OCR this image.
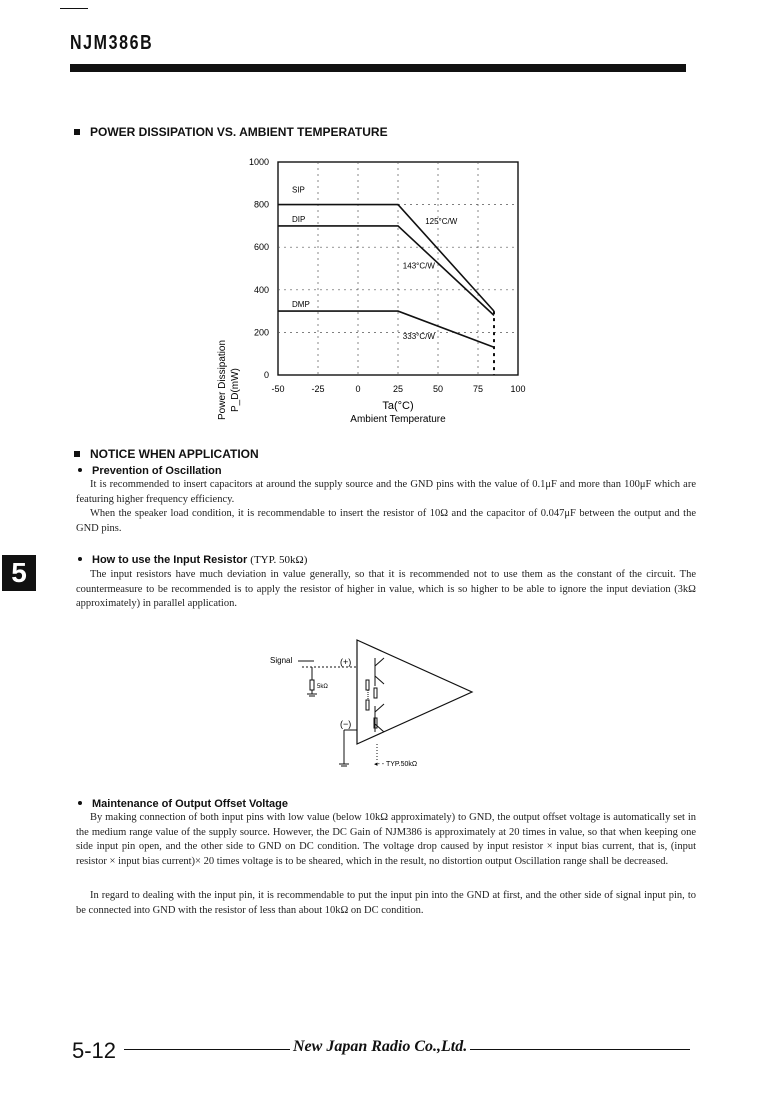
NJM386B
POWER DISSIPATION VS. AMBIENT TEMPERATURE
SIP
DIP
DMP
125°C/W
143°C/W
333°C/W
-50	-25	0	25	50	75	100
0
200
400
600
800
1000
Power Dissipation P_D(mW)	Ta(°C)
Ambient Temperature
NOTICE WHEN APPLICATION
Prevention of Oscillation
It is recommended to insert capacitors at around the supply source and the GND pins with the value of 0.1μF and more than 100μF which are featuring higher frequency efficiency.
When the speaker load condition, it is recommendable to insert the resistor of 10Ω and the capacitor of 0.047μF between the output and the GND pins.
5	How to use the Input Resistor (TYP. 50kΩ)
The input resistors have much deviation in value generally, so that it is recommended not to use them as the constant of the circuit. The countermeasure to be recommended is to apply the resistor of higher in value, which is so higher to be able to ignore the input deviation (3kΩ approximately) in parallel application.
Signal
5kΩ
(+)
(−)
◂- - TYP.50kΩ
Maintenance of Output Offset Voltage
By making connection of both input pins with low value (below 10kΩ approximately) to GND, the output offset voltage is automatically set in the medium range value of the supply source. However, the DC Gain of NJM386 is approximately at 20 times in value, so that when keeping one side input pin open, and the other side to GND on DC condition. The voltage drop caused by input resistor × input bias current, that is, (input resistor × input bias current)× 20 times voltage is to be sheared, which in the result, no distortion output Oscillation range shall be decreased.
In regard to dealing with the input pin, it is recommendable to put the input pin into the GND at first, and the other side of signal input pin, to be connected into GND with the resistor of less than about 10kΩ on DC condition.
5-12	New Japan Radio Co.,Ltd.
